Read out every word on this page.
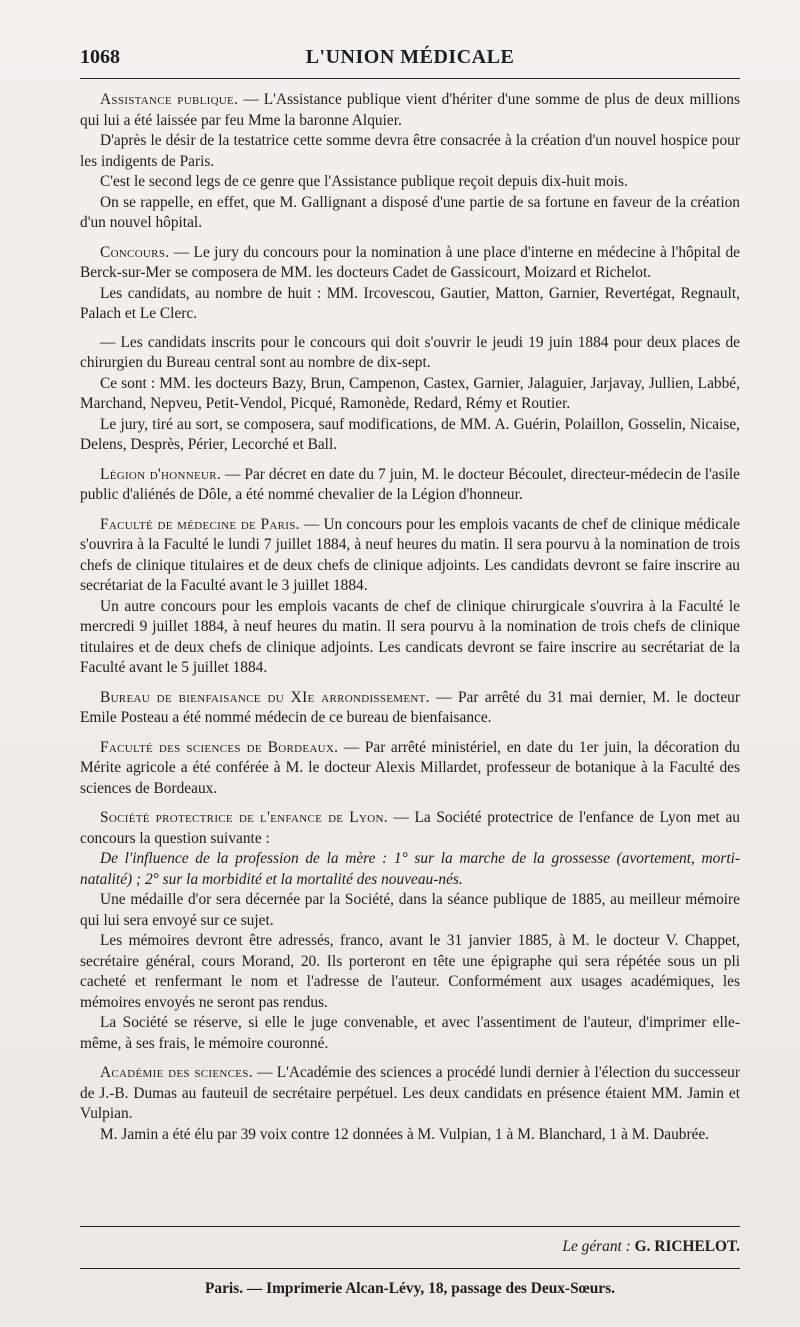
1068	L'UNION MÉDICALE

Assistance publique. — L'Assistance publique vient d'hériter d'une somme de plus de deux millions qui lui a été laissée par feu Mme la baronne Alquier.

D'après le désir de la testatrice cette somme devra être consacrée à la création d'un nouvel hospice pour les indigents de Paris.

C'est le second legs de ce genre que l'Assistance publique reçoit depuis dix-huit mois.

On se rappelle, en effet, que M. Gallignant a disposé d'une partie de sa fortune en faveur de la création d'un nouvel hôpital.

Concours. — Le jury du concours pour la nomination à une place d'interne en médecine à l'hôpital de Berck-sur-Mer se composera de MM. les docteurs Cadet de Gassicourt, Moizard et Richelot.

Les candidats, au nombre de huit : MM. Ircovescou, Gautier, Matton, Garnier, Revertégat, Regnault, Palach et Le Clerc.

— Les candidats inscrits pour le concours qui doit s'ouvrir le jeudi 19 juin 1884 pour deux places de chirurgien du Bureau central sont au nombre de dix-sept.

Ce sont : MM. les docteurs Bazy, Brun, Campenon, Castex, Garnier, Jalaguier, Jarjavay, Jullien, Labbé, Marchand, Nepveu, Petit-Vendol, Picqué, Ramonède, Redard, Rémy et Routier.

Le jury, tiré au sort, se composera, sauf modifications, de MM. A. Guérin, Polaillon, Gosselin, Nicaise, Delens, Desprès, Périer, Lecorché et Ball.

Légion d'honneur. — Par décret en date du 7 juin, M. le docteur Bécoulet, directeur-médecin de l'asile public d'aliénés de Dôle, a été nommé chevalier de la Légion d'honneur.

Faculté de médecine de Paris. — Un concours pour les emplois vacants de chef de clinique médicale s'ouvrira à la Faculté le lundi 7 juillet 1884, à neuf heures du matin. Il sera pourvu à la nomination de trois chefs de clinique titulaires et de deux chefs de clinique adjoints. Les candidats devront se faire inscrire au secrétariat de la Faculté avant le 3 juillet 1884.

Un autre concours pour les emplois vacants de chef de clinique chirurgicale s'ouvrira à la Faculté le mercredi 9 juillet 1884, à neuf heures du matin. Il sera pourvu à la nomination de trois chefs de clinique titulaires et de deux chefs de clinique adjoints. Les candicats devront se faire inscrire au secrétariat de la Faculté avant le 5 juillet 1884.

Bureau de bienfaisance du XIe arrondissement. — Par arrêté du 31 mai dernier, M. le docteur Emile Posteau a été nommé médecin de ce bureau de bienfaisance.

Faculté des sciences de Bordeaux. — Par arrêté ministériel, en date du 1er juin, la décoration du Mérite agricole a été conférée à M. le docteur Alexis Millardet, professeur de botanique à la Faculté des sciences de Bordeaux.

Société protectrice de l'enfance de Lyon. — La Société protectrice de l'enfance de Lyon met au concours la question suivante :

De l'influence de la profession de la mère : 1° sur la marche de la grossesse (avortement, morti-natalité) ; 2° sur la morbidité et la mortalité des nouveau-nés.

Une médaille d'or sera décernée par la Société, dans la séance publique de 1885, au meilleur mémoire qui lui sera envoyé sur ce sujet.

Les mémoires devront être adressés, franco, avant le 31 janvier 1885, à M. le docteur V. Chappet, secrétaire général, cours Morand, 20. Ils porteront en tête une épigraphe qui sera répétée sous un pli cacheté et renfermant le nom et l'adresse de l'auteur. Conformément aux usages académiques, les mémoires envoyés ne seront pas rendus.

La Société se réserve, si elle le juge convenable, et avec l'assentiment de l'auteur, d'imprimer elle-même, à ses frais, le mémoire couronné.

Académie des sciences. — L'Académie des sciences a procédé lundi dernier à l'élection du successeur de J.-B. Dumas au fauteuil de secrétaire perpétuel. Les deux candidats en présence étaient MM. Jamin et Vulpian.

M. Jamin a été élu par 39 voix contre 12 données à M. Vulpian, 1 à M. Blanchard, 1 à M. Daubrée.

Le gérant : G. RICHELOT.
Paris. — Imprimerie Alcan-Lévy, 18, passage des Deux-Sœurs.
